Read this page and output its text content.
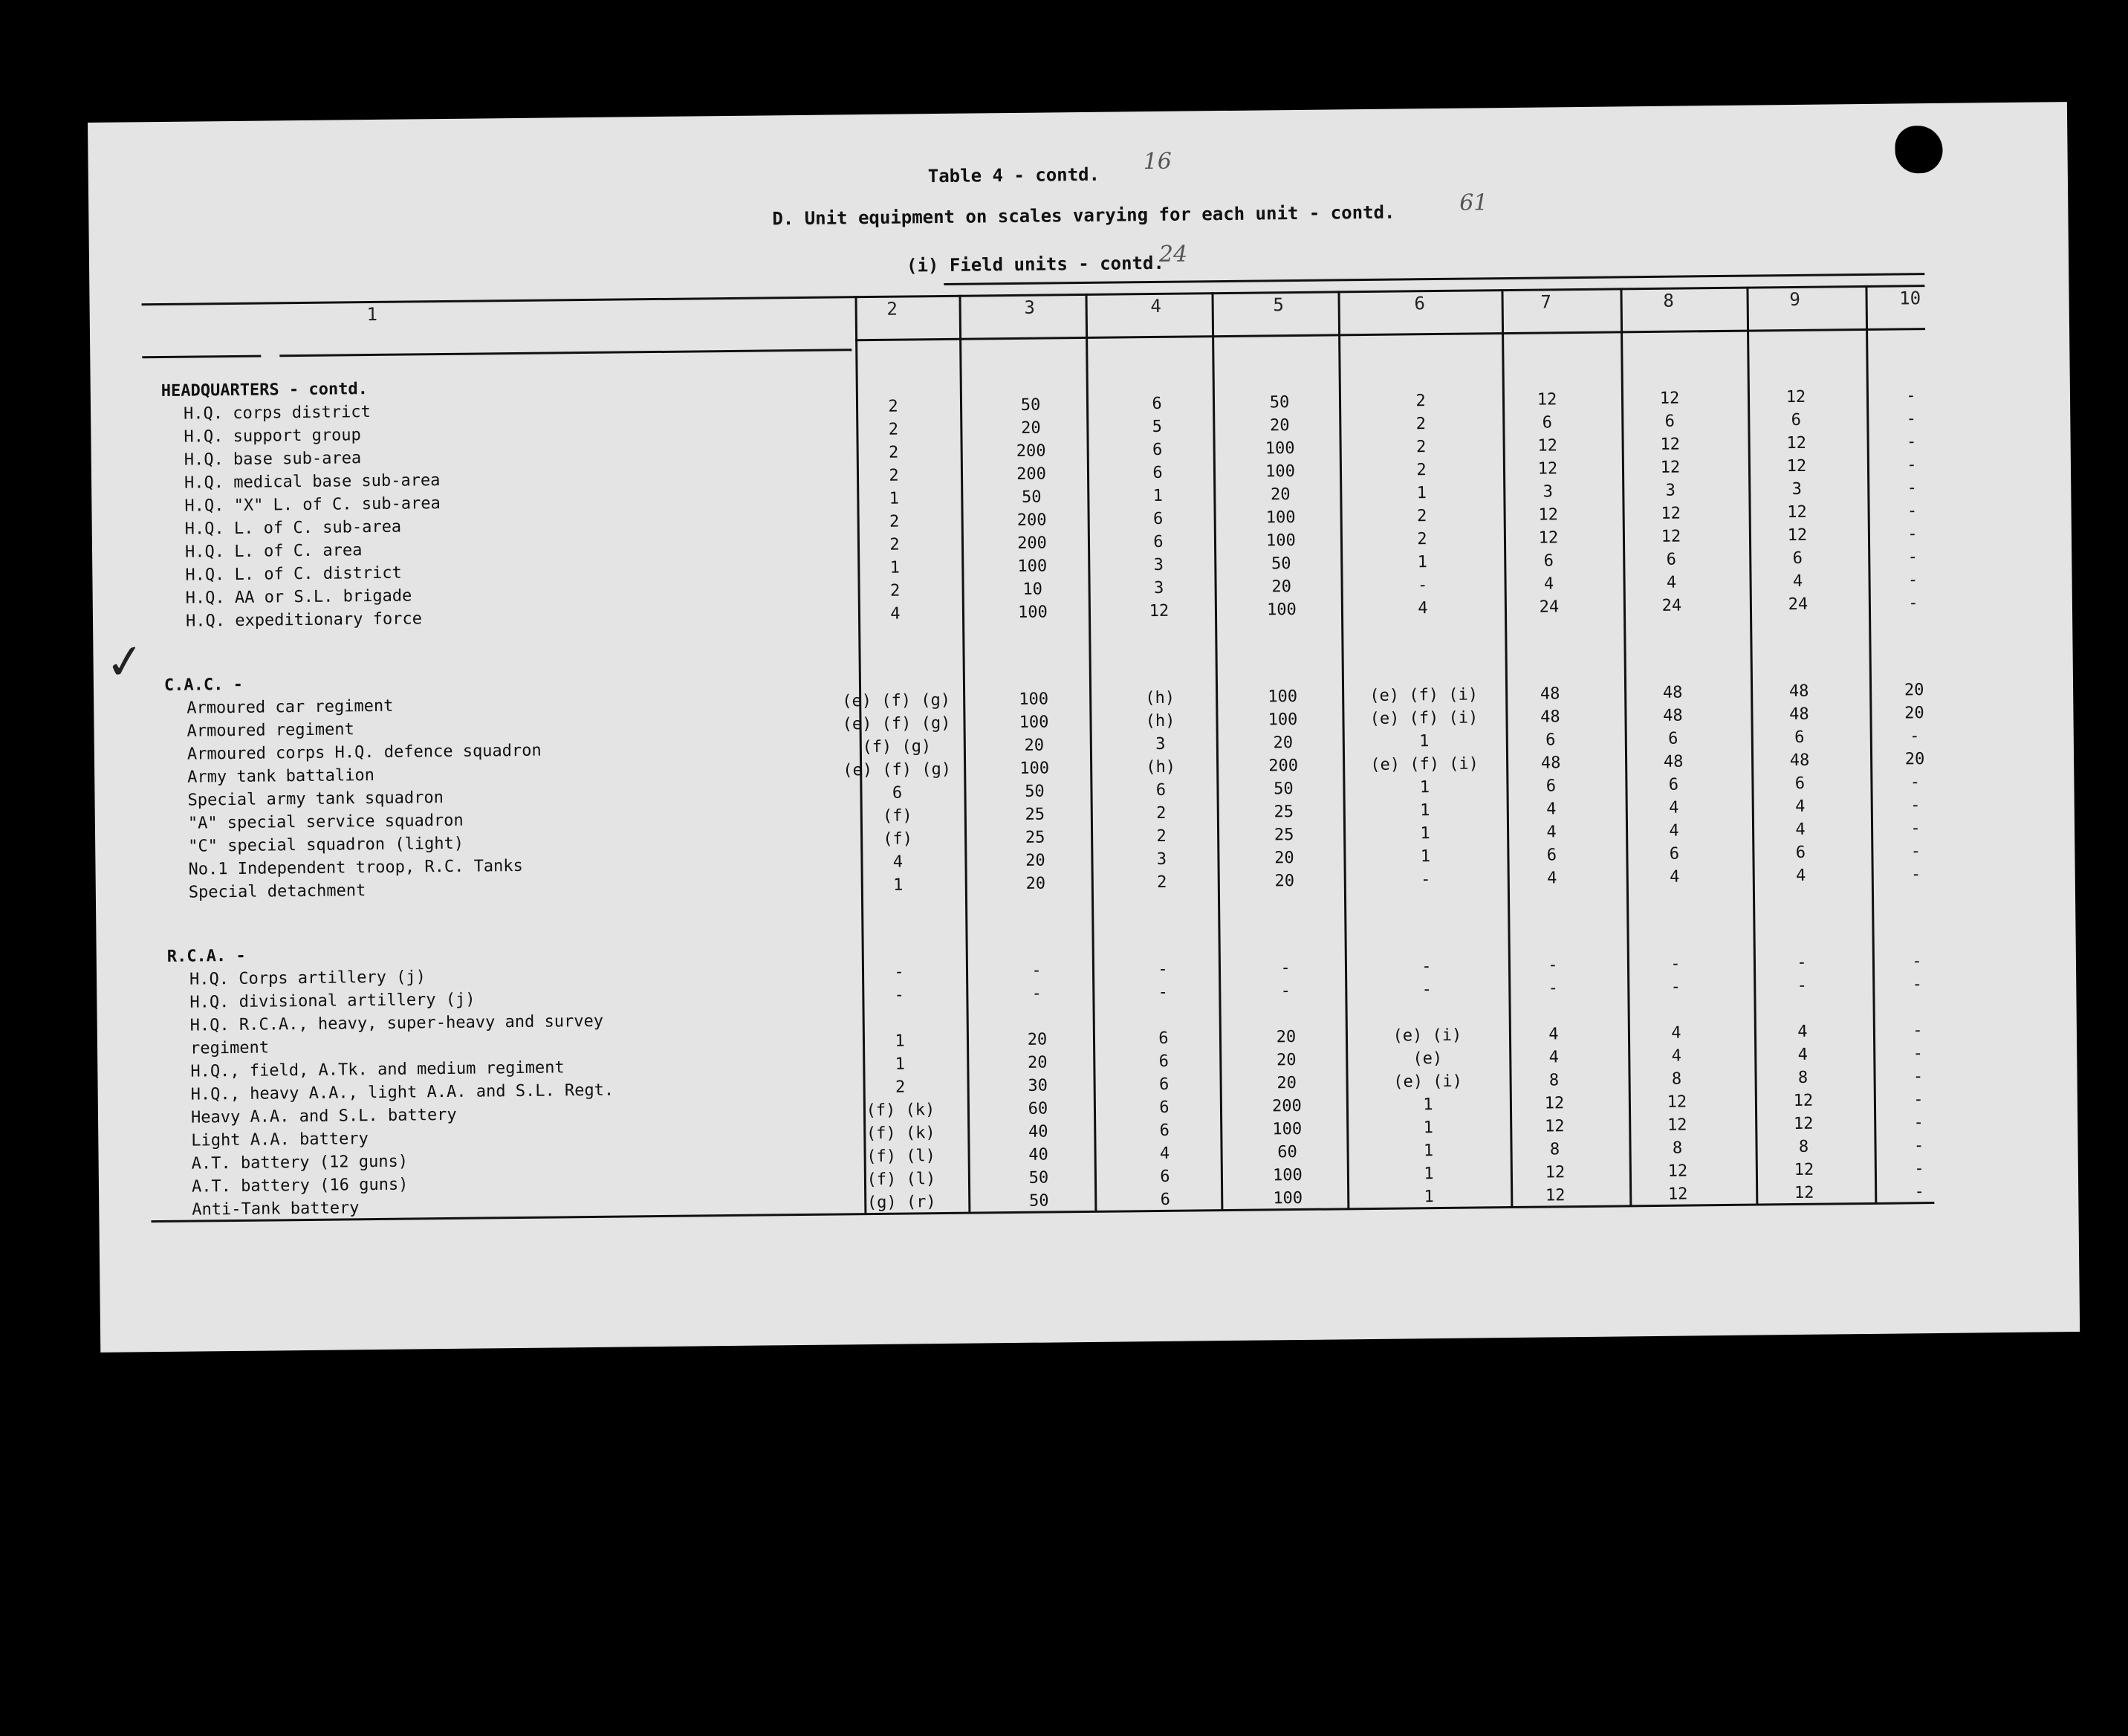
✓
Table 4 - contd.
16
D. Unit equipment on scales varying for each unit - contd.	61
(i) Field units - contd.
24
1	2	3	4	5	6	7	8	9	10
HEADQUARTERS - contd.
H.Q. corps district	2	50	6	50	2	12	12	12	-
H.Q. support group	2	20	5	20	2	6	6	6	-
H.Q. base sub-area	2	200	6	100	2	12	12	12	-
H.Q. medical base sub-area	2	200	6	100	2	12	12	12	-
H.Q. "X" L. of C. sub-area	1	50	1	20	1	3	3	3	-
H.Q. L. of C. sub-area	2	200	6	100	2	12	12	12	-
H.Q. L. of C. area	2	200	6	100	2	12	12	12	-
H.Q. L. of C. district	1	100	3	50	1	6	6	6	-
H.Q. AA or S.L. brigade	2	10	3	20	-	4	4	4	-
H.Q. expeditionary force	4	100	12	100	4	24	24	24	-
C.A.C. -
Armoured car regiment	(e) (f) (g)	100	(h)	100	(e) (f) (i)	48	48	48	20
Armoured regiment	(e) (f) (g)	100	(h)	100	(e) (f) (i)	48	48	48	20
Armoured corps H.Q. defence squadron	(f) (g)	20	3	20	1	6	6	6	-
Army tank battalion	(e) (f) (g)	100	(h)	200	(e) (f) (i)	48	48	48	20
Special army tank squadron	6	50	6	50	1	6	6	6	-
"A" special service squadron	(f)	25	2	25	1	4	4	4	-
"C" special squadron (light)	(f)	25	2	25	1	4	4	4	-
No.1 Independent troop, R.C. Tanks	4	20	3	20	1	6	6	6	-
Special detachment	1	20	2	20	-	4	4	4	-
R.C.A. -
H.Q. Corps artillery (j)	-	-	-	-	-	-	-	-	-
H.Q. divisional artillery (j)	-	-	-	-	-	-	-	-	-
H.Q. R.C.A., heavy, super-heavy and survey
regiment	1	20	6	20	(e) (i)	4	4	4	-
H.Q., field, A.Tk. and medium regiment	1	20	6	20	(e)	4	4	4	-
H.Q., heavy A.A., light A.A. and S.L. Regt.	2	30	6	20	(e) (i)	8	8	8	-
Heavy A.A. and S.L. battery	(f) (k)	60	6	200	1	12	12	12	-
Light A.A. battery	(f) (k)	40	6	100	1	12	12	12	-
A.T. battery (12 guns)	(f) (l)	40	4	60	1	8	8	8	-
A.T. battery (16 guns)	(f) (l)	50	6	100	1	12	12	12	-
Anti-Tank battery	(g) (r)	50	6	100	1	12	12	12	-
